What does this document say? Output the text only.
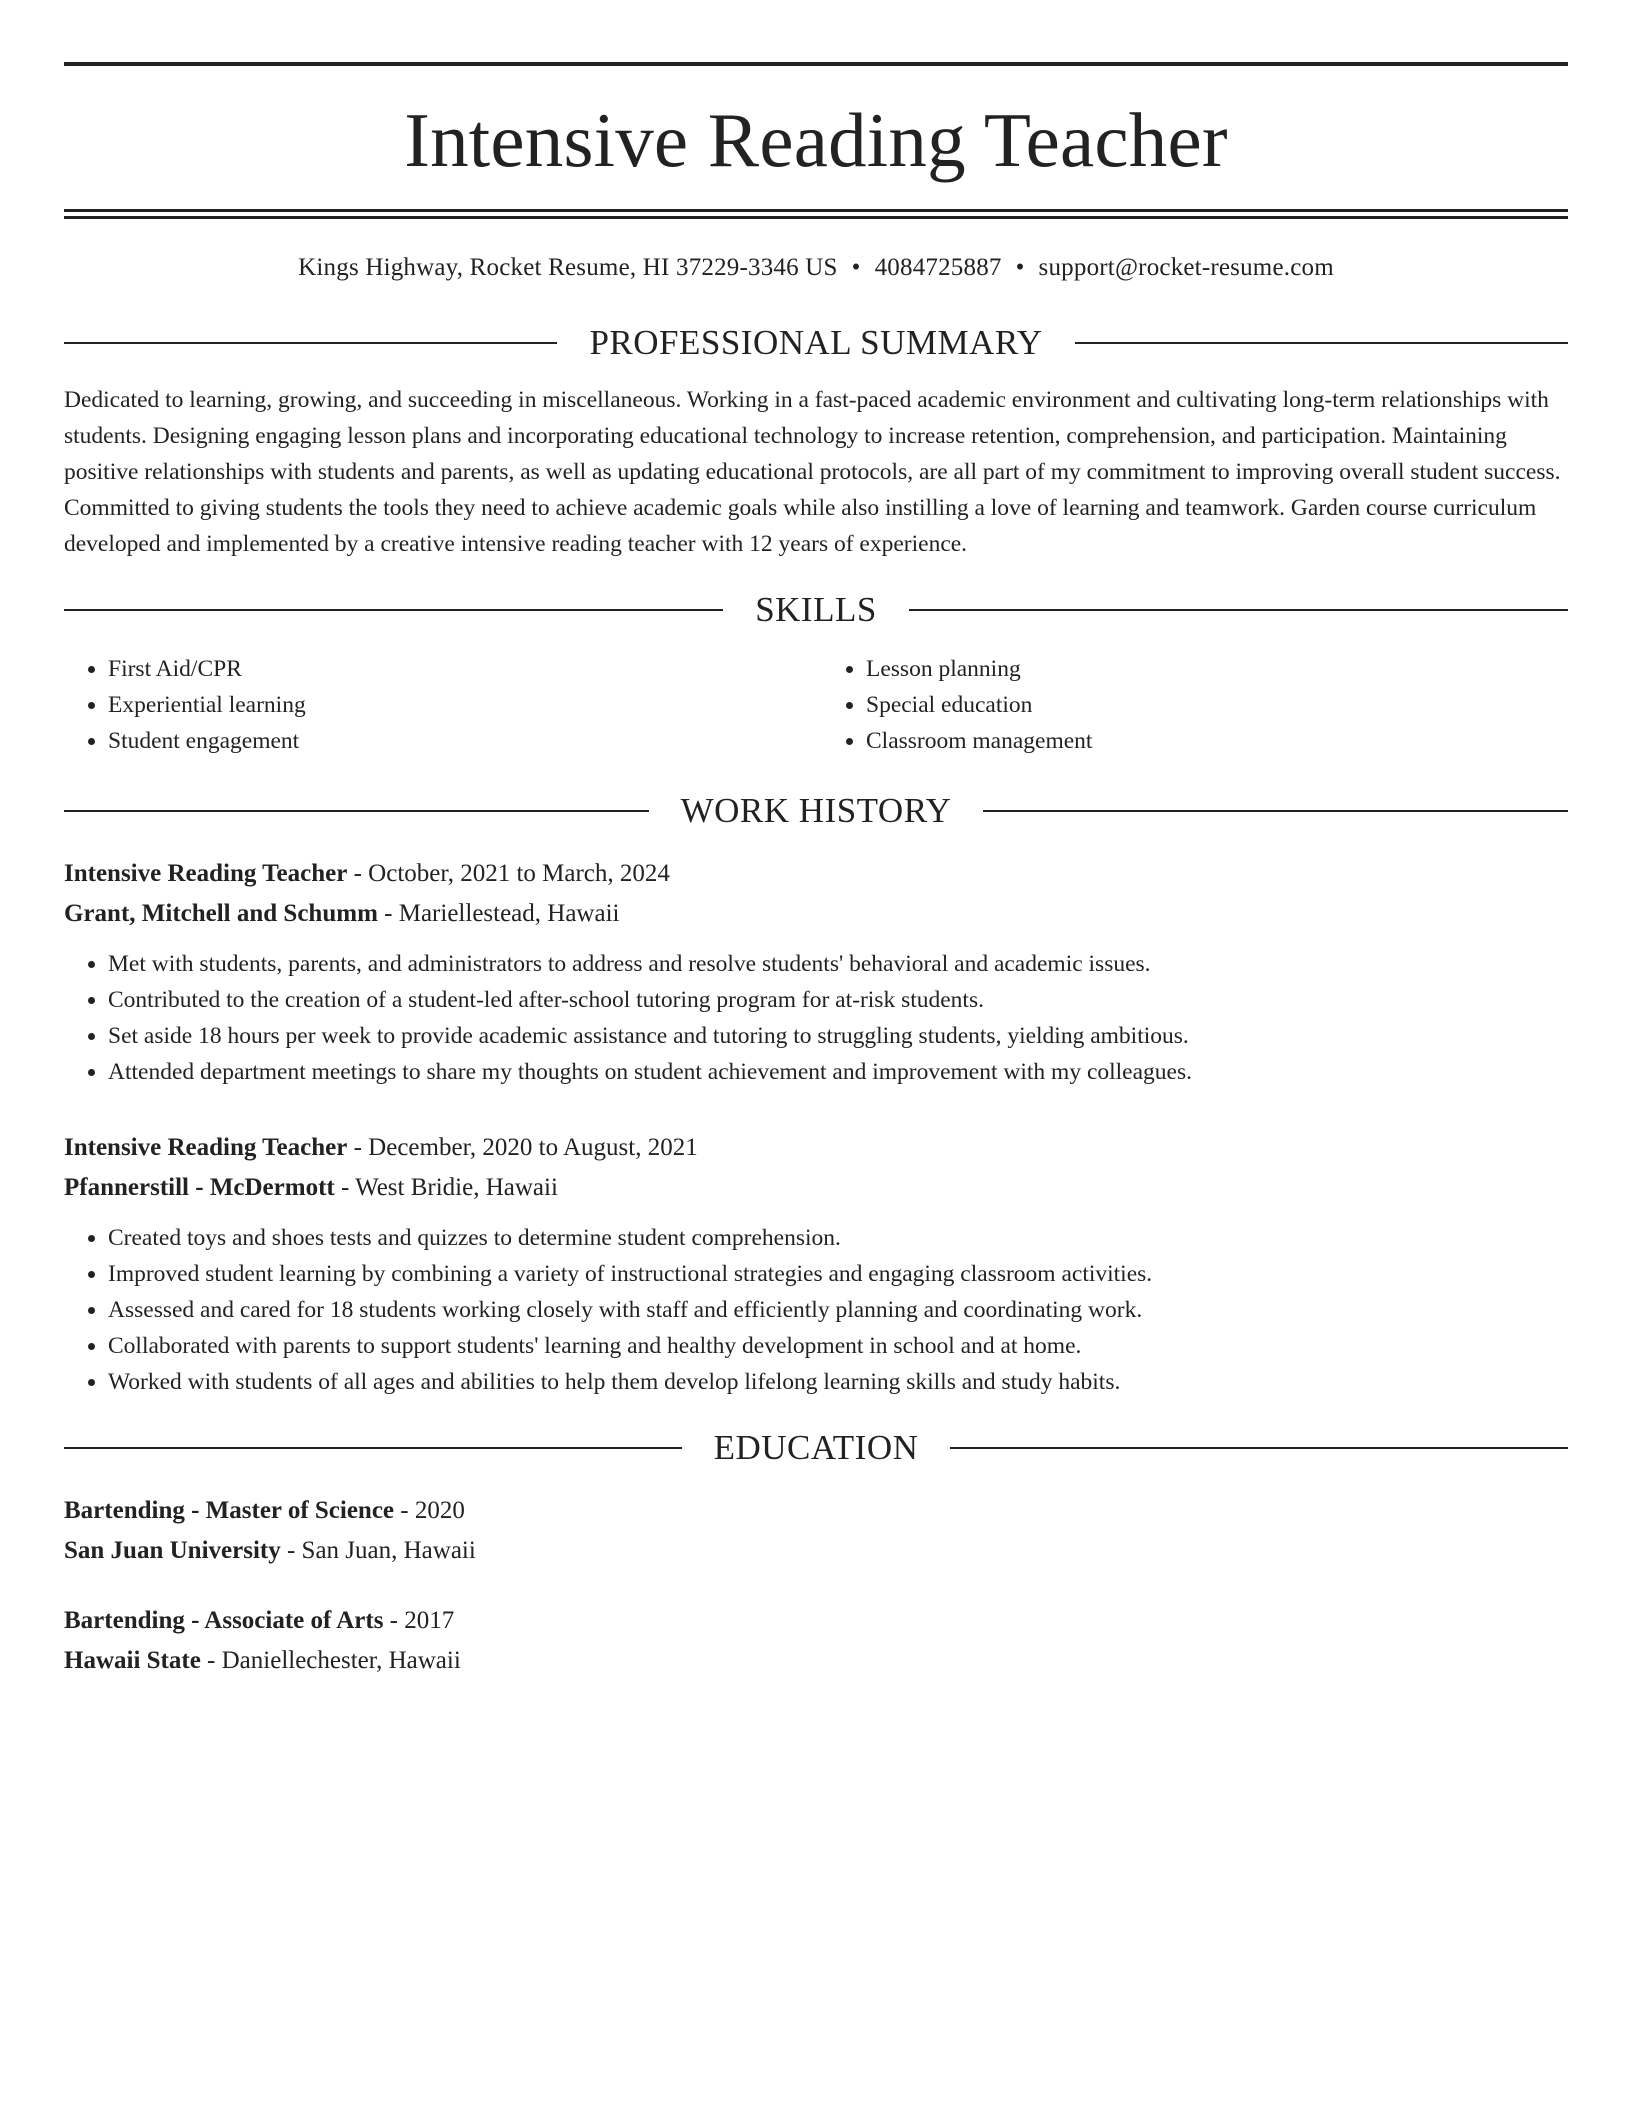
Intensive Reading Teacher
Kings Highway, Rocket Resume, HI 37229-3346 US • 4084725887 • support@rocket-resume.com
PROFESSIONAL SUMMARY

Dedicated to learning, growing, and succeeding in miscellaneous. Working in a fast-paced academic environment and cultivating long-term relationships with students. Designing engaging lesson plans and incorporating educational technology to increase retention, comprehension, and participation. Maintaining positive relationships with students and parents, as well as updating educational protocols, are all part of my commitment to improving overall student success. Committed to giving students the tools they need to achieve academic goals while also instilling a love of learning and teamwork. Garden course curriculum developed and implemented by a creative intensive reading teacher with 12 years of experience.

SKILLS
• First Aid/CPR
• Experiential learning
• Student engagement
• Lesson planning
• Special education
• Classroom management
WORK HISTORY
Intensive Reading Teacher - October, 2021 to March, 2024
Grant, Mitchell and Schumm - Mariellestead, Hawaii
• Met with students, parents, and administrators to address and resolve students' behavioral and academic issues.
• Contributed to the creation of a student-led after-school tutoring program for at-risk students.
• Set aside 18 hours per week to provide academic assistance and tutoring to struggling students, yielding ambitious.
• Attended department meetings to share my thoughts on student achievement and improvement with my colleagues.
Intensive Reading Teacher - December, 2020 to August, 2021
Pfannerstill - McDermott - West Bridie, Hawaii
• Created toys and shoes tests and quizzes to determine student comprehension.
• Improved student learning by combining a variety of instructional strategies and engaging classroom activities.
• Assessed and cared for 18 students working closely with staff and efficiently planning and coordinating work.
• Collaborated with parents to support students' learning and healthy development in school and at home.
• Worked with students of all ages and abilities to help them develop lifelong learning skills and study habits.
EDUCATION
Bartending - Master of Science - 2020
San Juan University - San Juan, Hawaii
Bartending - Associate of Arts - 2017
Hawaii State - Daniellechester, Hawaii
